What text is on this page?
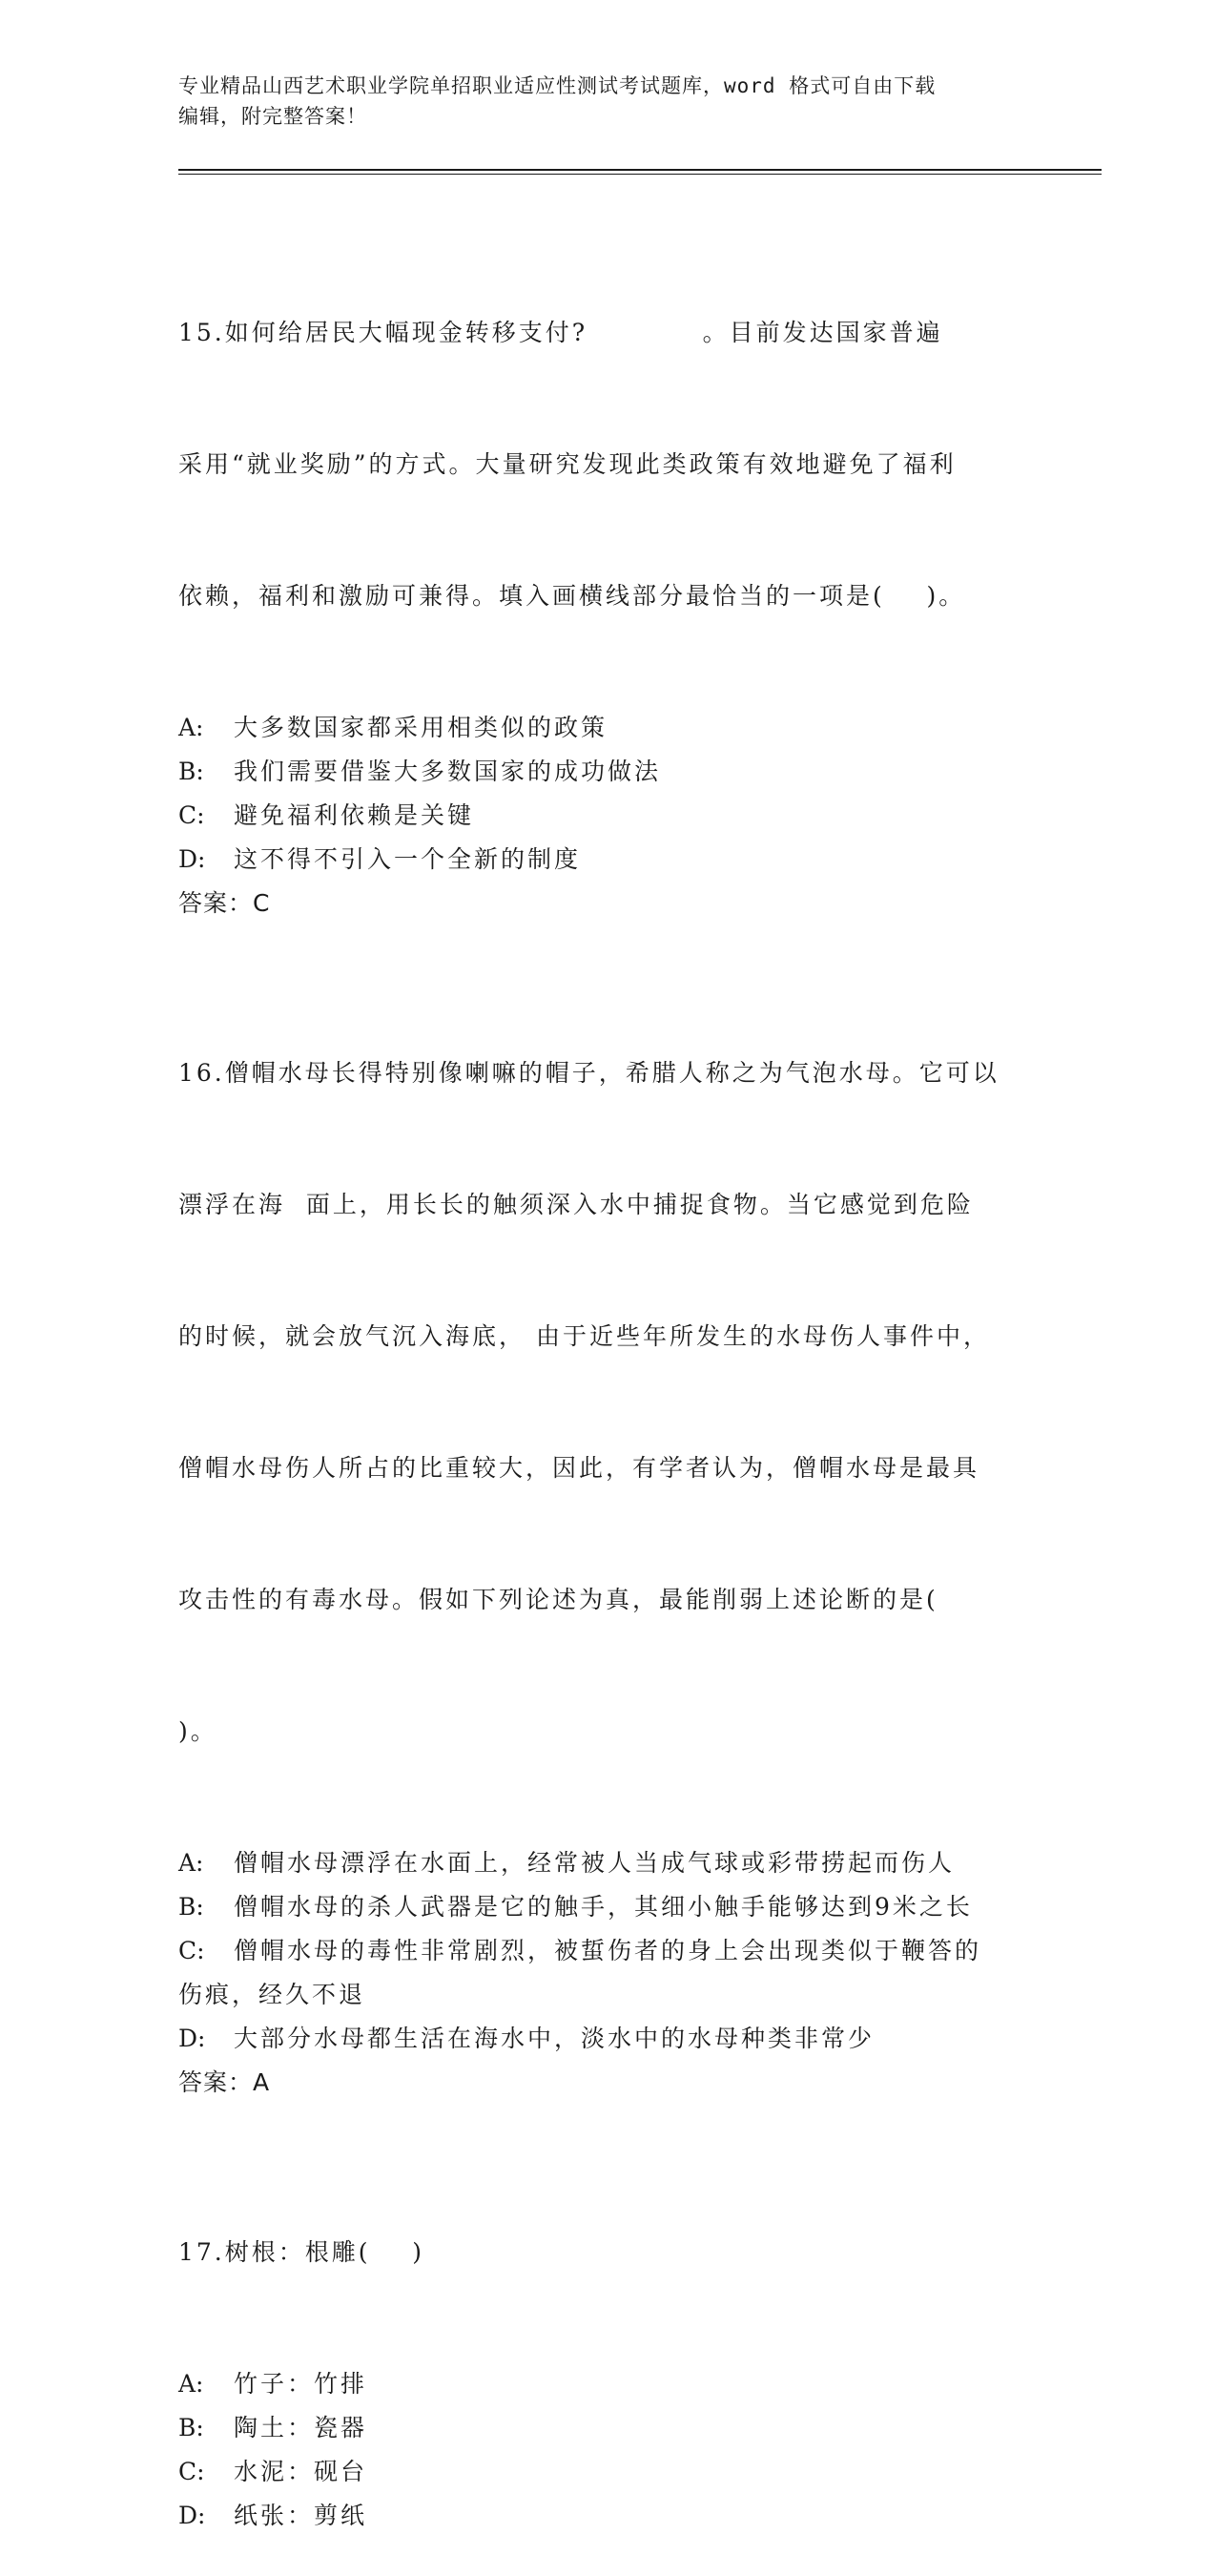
专业精品山西艺术职业学院单招职业适应性测试考试题库，word 格式可自由下载
编辑，附完整答案！

15.如何给居民大幅现金转移支付?           。目前发达国家普遍

采用“就业奖励”的方式。大量研究发现此类政策有效地避免了福利

依赖，福利和激励可兼得。填入画横线部分最恰当的一项是(    )。

A: 大多数国家都采用相类似的政策
B: 我们需要借鉴大多数国家的成功做法
C: 避免福利依赖是关键
D: 这不得不引入一个全新的制度
答案：C

16.僧帽水母长得特别像喇嘛的帽子，希腊人称之为气泡水母。它可以

漂浮在海  面上，用长长的触须深入水中捕捉食物。当它感觉到危险

的时候，就会放气沉入海底， 由于近些年所发生的水母伤人事件中，

僧帽水母伤人所占的比重较大，因此，有学者认为，僧帽水母是最具

攻击性的有毒水母。假如下列论述为真，最能削弱上述论断的是(

)。

A: 僧帽水母漂浮在水面上，经常被人当成气球或彩带捞起而伤人
B: 僧帽水母的杀人武器是它的触手，其细小触手能够达到9米之长
C: 僧帽水母的毒性非常剧烈，被蜇伤者的身上会出现类似于鞭答的
伤痕，经久不退
D: 大部分水母都生活在海水中，淡水中的水母种类非常少
答案：A

17.树根：根雕(    )

A: 竹子：竹排
B: 陶土：瓷器
C: 水泥：砚台
D: 纸张：剪纸
